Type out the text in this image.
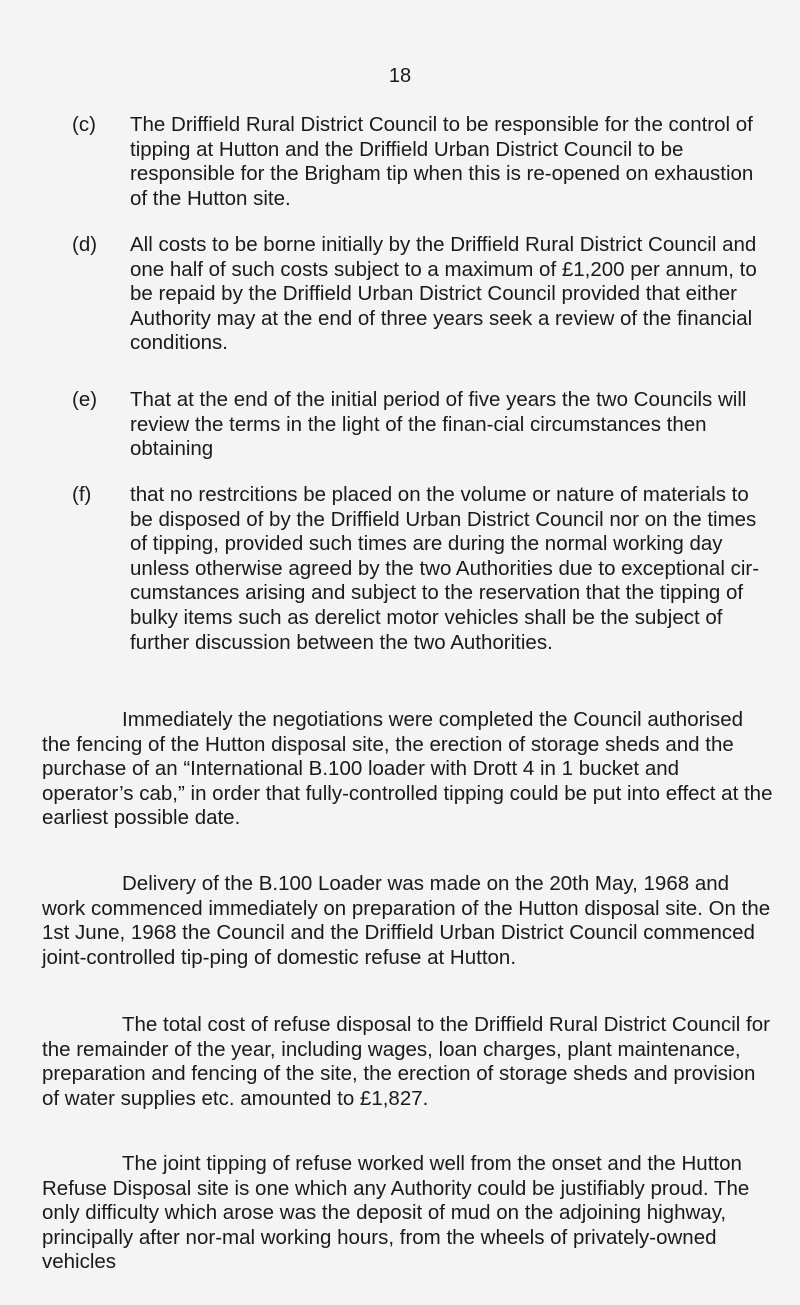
18
(c)	The Driffield Rural District Council to be responsible for the control of tipping at Hutton and the Driffield Urban District Council to be responsible for the Brigham tip when this is re-opened on exhaustion of the Hutton site.

(d)	All costs to be borne initially by the Driffield Rural District Council and one half of such costs subject to a maximum of £1,200 per annum, to be repaid by the Driffield Urban District Council provided that either Authority may at the end of three years seek a review of the financial conditions.

(e)	That at the end of the initial period of five years the two Councils will review the terms in the light of the finan-cial circumstances then obtaining

(f)	that no restrcitions be placed on the volume or nature of materials to be disposed of by the Driffield Urban District Council nor on the times of tipping, provided such times are during the normal working day unless otherwise agreed by the two Authorities due to exceptional cir-cumstances arising and subject to the reservation that the tipping of bulky items such as derelict motor vehicles shall be the subject of further discussion between the two Authorities.

Immediately the negotiations were completed the Council authorised the fencing of the Hutton disposal site, the erection of storage sheds and the purchase of an “International B.100 loader with Drott 4 in 1 bucket and operator’s cab,” in order that fully-controlled tipping could be put into effect at the earliest possible date.

Delivery of the B.100 Loader was made on the 20th May, 1968 and work commenced immediately on preparation of the Hutton disposal site. On the 1st June, 1968 the Council and the Driffield Urban District Council commenced joint-controlled tip-ping of domestic refuse at Hutton.

The total cost of refuse disposal to the Driffield Rural District Council for the remainder of the year, including wages, loan charges, plant maintenance, preparation and fencing of the site, the erection of storage sheds and provision of water supplies etc. amounted to £1,827.

The joint tipping of refuse worked well from the onset and the Hutton Refuse Disposal site is one which any Authority could be justifiably proud. The only difficulty which arose was the deposit of mud on the adjoining highway, principally after nor-mal working hours, from the wheels of privately-owned vehicles
